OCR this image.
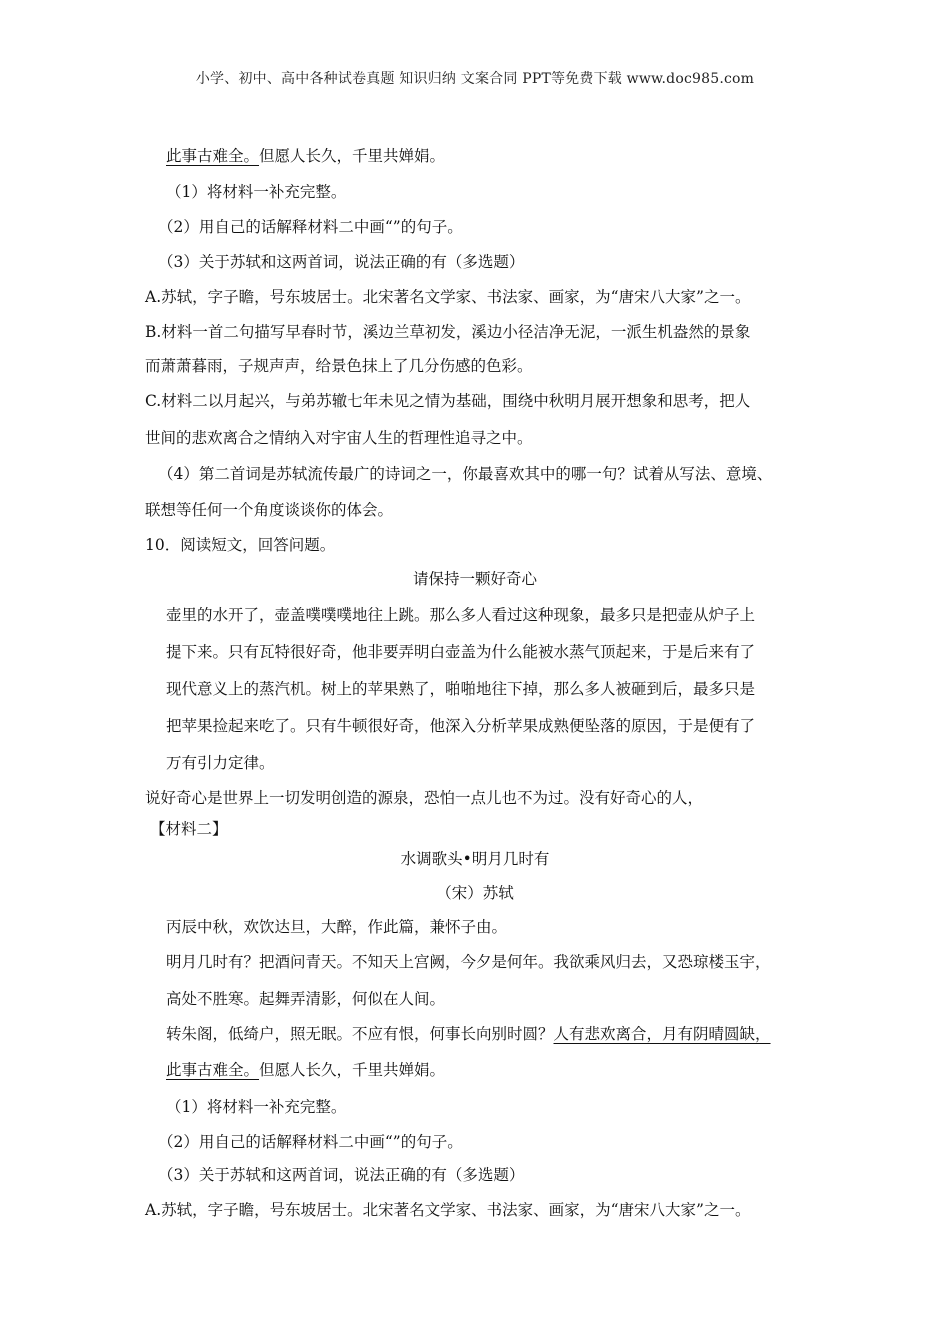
小学、初中、高中各种试卷真题 知识归纳 文案合同 PPT等免费下载 www.doc985.com
此事古难全。但愿人长久，千里共婵娟。
（1）将材料一补充完整。
（2）用自己的话解释材料二中画“”的句子。
（3）关于苏轼和这两首词，说法正确的有（多选题）
A.苏轼，字子瞻，号东坡居士。北宋著名文学家、书法家、画家，为“唐宋八大家”之一。
B.材料一首二句描写早春时节，溪边兰草初发，溪边小径洁净无泥，一派生机盎然的景象
而萧萧暮雨，子规声声，给景色抹上了几分伤感的色彩。
C.材料二以月起兴，与弟苏辙七年未见之情为基础，围绕中秋明月展开想象和思考，把人
世间的悲欢离合之情纳入对宇宙人生的哲理性追寻之中。
（4）第二首词是苏轼流传最广的诗词之一，你最喜欢其中的哪一句？试着从写法、意境、
联想等任何一个角度谈谈你的体会。
10．阅读短文，回答问题。
请保持一颗好奇心
壶里的水开了，壶盖噗噗噗地往上跳。那么多人看过这种现象，最多只是把壶从炉子上
提下来。只有瓦特很好奇，他非要弄明白壶盖为什么能被水蒸气顶起来，于是后来有了
现代意义上的蒸汽机。树上的苹果熟了，啪啪地往下掉，那么多人被砸到后，最多只是
把苹果捡起来吃了。只有牛顿很好奇，他深入分析苹果成熟便坠落的原因，于是便有了
万有引力定律。
说好奇心是世界上一切发明创造的源泉，恐怕一点儿也不为过。没有好奇心的人，
【材料二】
水调歌头•明月几时有
（宋）苏轼
丙辰中秋，欢饮达旦，大醉，作此篇，兼怀子由。
明月几时有？把酒问青天。不知天上宫阙，今夕是何年。我欲乘风归去，又恐琼楼玉宇，
高处不胜寒。起舞弄清影，何似在人间。
转朱阁，低绮户，照无眠。不应有恨，何事长向别时圆？人有悲欢离合，月有阴晴圆缺，
此事古难全。但愿人长久，千里共婵娟。
（1）将材料一补充完整。
（2）用自己的话解释材料二中画“”的句子。
（3）关于苏轼和这两首词，说法正确的有（多选题）
A.苏轼，字子瞻，号东坡居士。北宋著名文学家、书法家、画家，为“唐宋八大家”之一。
